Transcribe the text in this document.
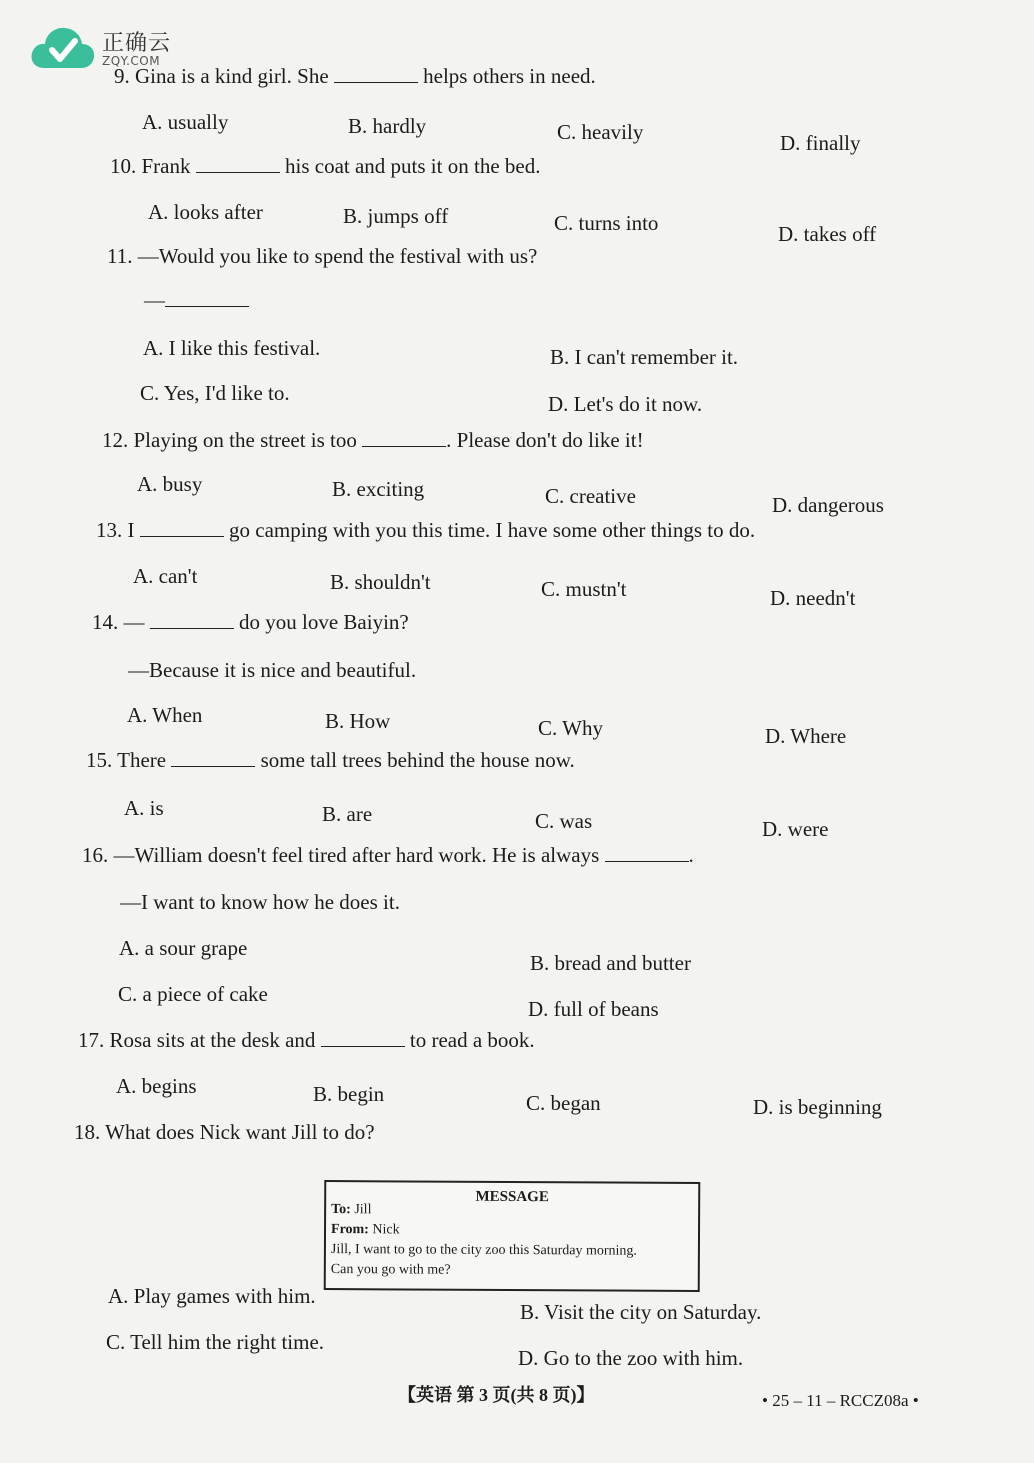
正确云
ZQY.COM
9. Gina is a kind girl. She	helps others in need.
A. usually	B. hardly	C. heavily	D. finally
10. Frank	his coat and puts it on the bed.
A. looks after	B. jumps off	C. turns into	D. takes off
11. —Would you like to spend the festival with us?
—
A. I like this festival.	B. I can't remember it.
C. Yes, I'd like to.	D. Let's do it now.
12. Playing on the street is too	. Please don't do like it!
A. busy	B. exciting	C. creative	D. dangerous
13. I	go camping with you this time. I have some other things to do.
A. can't	B. shouldn't	C. mustn't	D. needn't
14. —	do you love Baiyin?
—Because it is nice and beautiful.
A. When	B. How	C. Why	D. Where
15. There	some tall trees behind the house now.
A. is	B. are	C. was	D. were
16. —William doesn't feel tired after hard work. He is always	.
—I want to know how he does it.
A. a sour grape
B. bread and butter
C. a piece of cake
D. full of beans
17. Rosa sits at the desk and	to read a book.
A. begins	B. begin	C. began	D. is beginning
18. What does Nick want Jill to do?
MESSAGE
To: Jill
From: Nick
Jill, I want to go to the city zoo this Saturday morning.
Can you go with me?
A. Play games with him.
B. Visit the city on Saturday.
C. Tell him the right time.
D. Go to the zoo with him.
【英语 第 3 页(共 8 页)】	• 25 – 11 – RCCZ08a •
